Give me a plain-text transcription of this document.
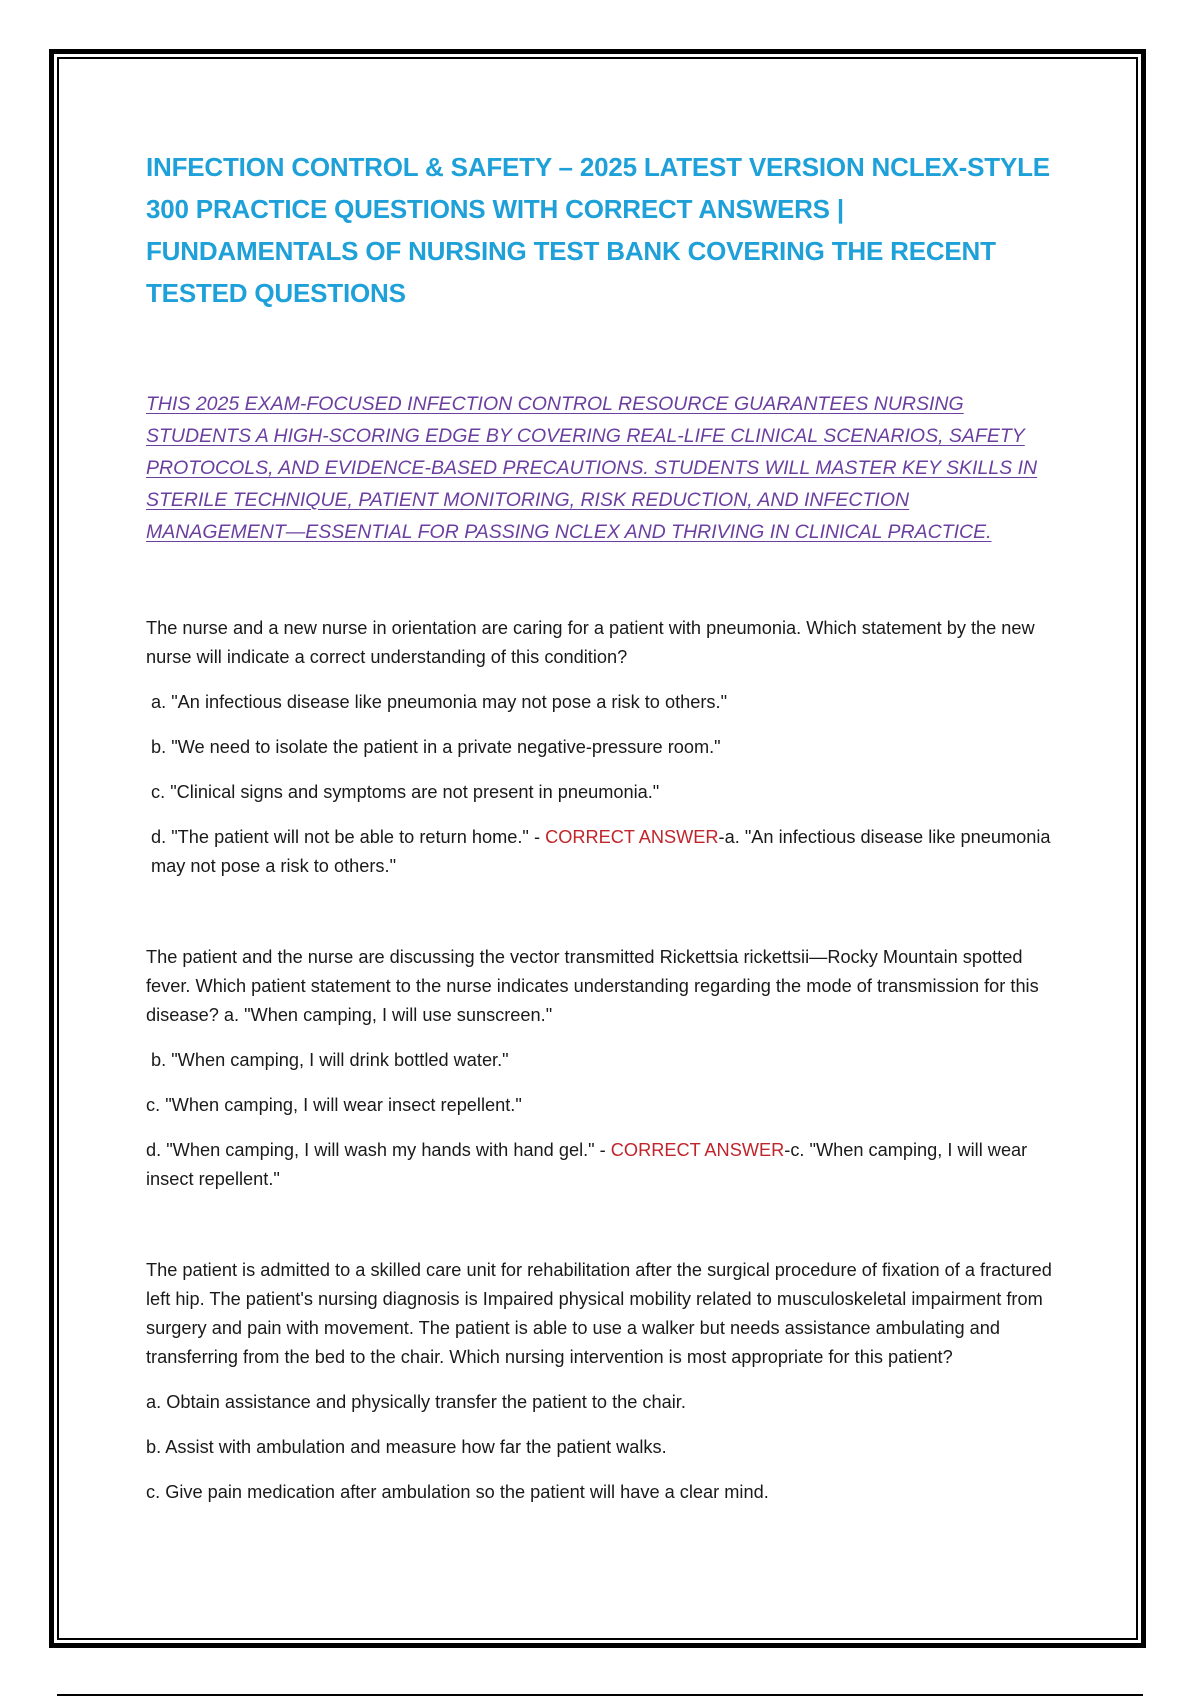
INFECTION CONTROL & SAFETY – 2025 LATEST VERSION NCLEX-STYLE 300 PRACTICE QUESTIONS WITH CORRECT ANSWERS | FUNDAMENTALS OF NURSING TEST BANK COVERING THE RECENT TESTED QUESTIONS

THIS 2025 EXAM-FOCUSED INFECTION CONTROL RESOURCE GUARANTEES NURSING STUDENTS A HIGH-SCORING EDGE BY COVERING REAL-LIFE CLINICAL SCENARIOS, SAFETY PROTOCOLS, AND EVIDENCE-BASED PRECAUTIONS. STUDENTS WILL MASTER KEY SKILLS IN STERILE TECHNIQUE, PATIENT MONITORING, RISK REDUCTION, AND INFECTION MANAGEMENT—ESSENTIAL FOR PASSING NCLEX AND THRIVING IN CLINICAL PRACTICE.

The nurse and a new nurse in orientation are caring for a patient with pneumonia. Which statement by the new nurse will indicate a correct understanding of this condition?

a. "An infectious disease like pneumonia may not pose a risk to others."

b. "We need to isolate the patient in a private negative-pressure room."

c. "Clinical signs and symptoms are not present in pneumonia."

d. "The patient will not be able to return home." - CORRECT ANSWER-a. "An infectious disease like pneumonia may not pose a risk to others."

The patient and the nurse are discussing the vector transmitted Rickettsia rickettsii—Rocky Mountain spotted fever. Which patient statement to the nurse indicates understanding regarding the mode of transmission for this disease? a. "When camping, I will use sunscreen."

b. "When camping, I will drink bottled water."

c. "When camping, I will wear insect repellent."

d. "When camping, I will wash my hands with hand gel." - CORRECT ANSWER-c. "When camping, I will wear insect repellent."

The patient is admitted to a skilled care unit for rehabilitation after the surgical procedure of fixation of a fractured left hip. The patient's nursing diagnosis is Impaired physical mobility related to musculoskeletal impairment from surgery and pain with movement. The patient is able to use a walker but needs assistance ambulating and transferring from the bed to the chair. Which nursing intervention is most appropriate for this patient?

a. Obtain assistance and physically transfer the patient to the chair.

b. Assist with ambulation and measure how far the patient walks.

c. Give pain medication after ambulation so the patient will have a clear mind.
